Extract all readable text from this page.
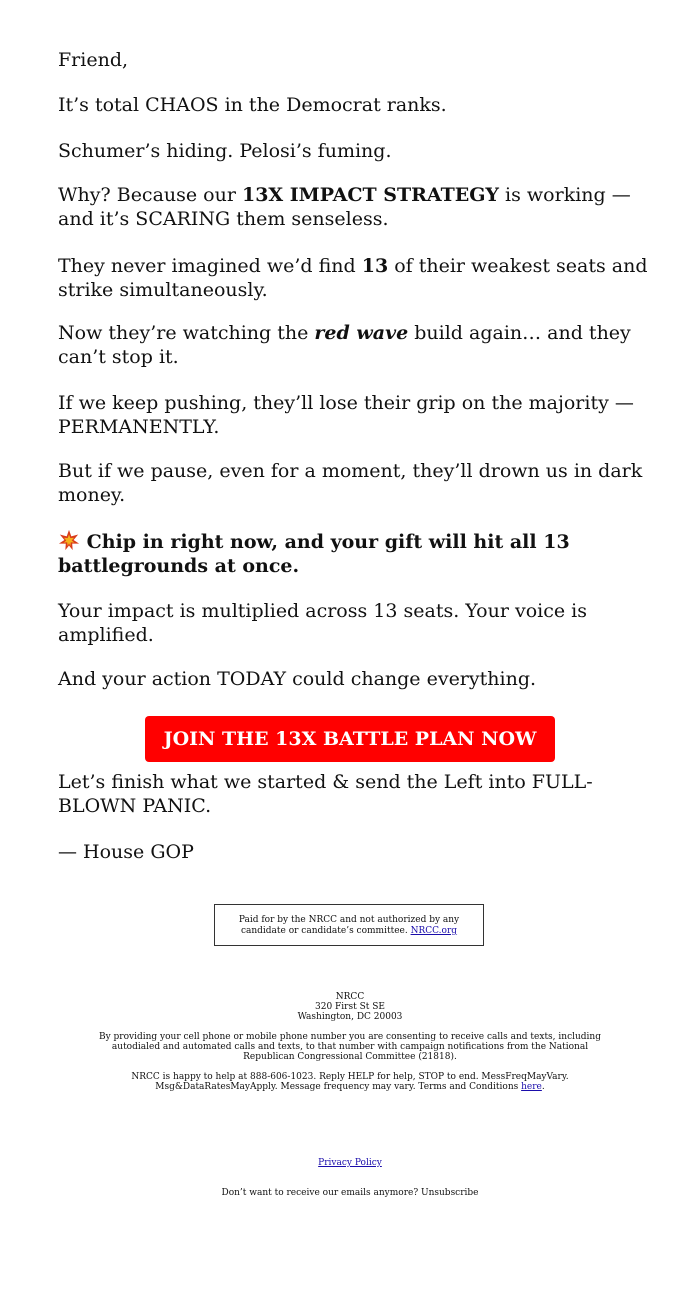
Friend,

It’s total CHAOS in the Democrat ranks.

Schumer’s hiding. Pelosi’s fuming.

Why? Because our 13X IMPACT STRATEGY is working — and it’s SCARING them senseless.

They never imagined we’d find 13 of their weakest seats and strike simultaneously.

Now they’re watching the red wave build again… and they can’t stop it.

If we keep pushing, they’ll lose their grip on the majority — PERMANENTLY.

But if we pause, even for a moment, they’ll drown us in dark money.

Chip in right now, and your gift will hit all 13 battlegrounds at once.

Your impact is multiplied across 13 seats. Your voice is amplified.

And your action TODAY could change everything.

JOIN THE 13X BATTLE PLAN NOW

Let’s finish what we started & send the Left into FULL-BLOWN PANIC.

— House GOP

Paid for by the NRCC and not authorized by any candidate or candidate’s committee. NRCC.org

NRCC

320 First St SE

Washington, DC 20003

By providing your cell phone or mobile phone number you are consenting to receive calls and texts, including autodialed and automated calls and texts, to that number with campaign notifications from the National Republican Congressional Committee (21818).

NRCC is happy to help at 888-606-1023. Reply HELP for help, STOP to end. MessFreqMayVary. Msg&DataRatesMayApply. Message frequency may vary. Terms and Conditions here.

Privacy Policy

Don’t want to receive our emails anymore? Unsubscribe
